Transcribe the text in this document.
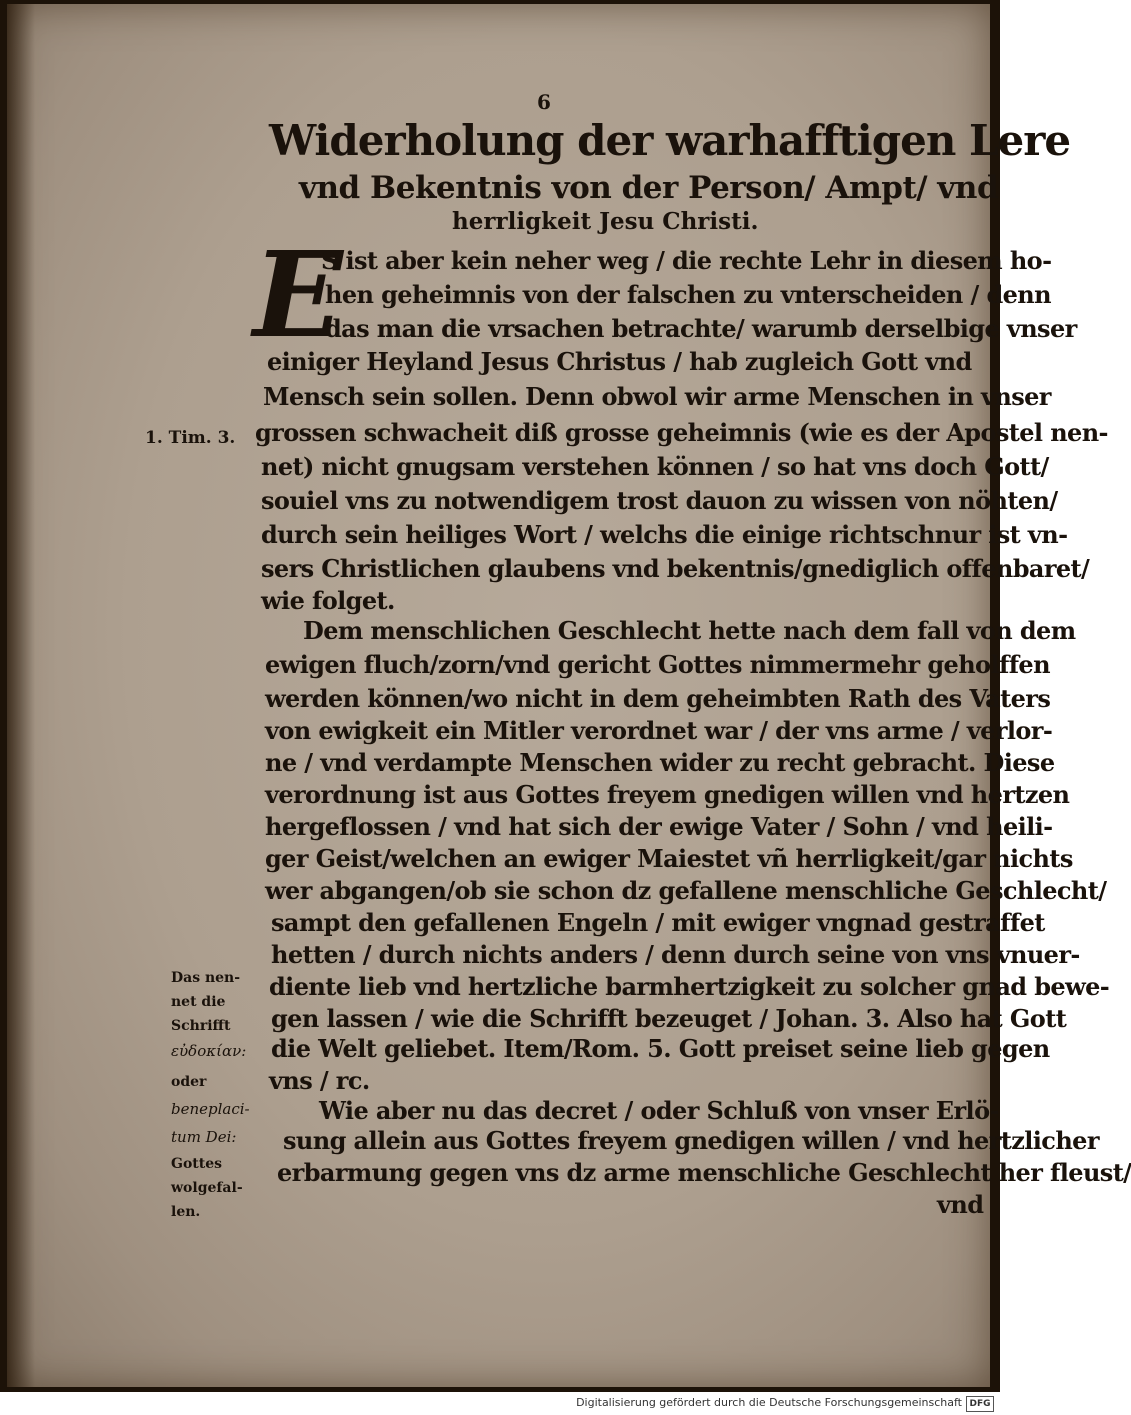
6
Widerholung der warhafftigen Lere
vnd Bekentnis von der Person/ Ampt/ vnd
herrligkeit Jesu Christi.
E
S ist aber kein neher weg / die rechte Lehr in diesem ho-
hen geheimnis von der falschen zu vnterscheiden / denn
das man die vrsachen betrachte/ warumb derselbige vnser
einiger Heyland Jesus Christus / hab zugleich Gott vnd
Mensch sein sollen. Denn obwol wir arme Menschen in vnser
grossen schwacheit diß grosse geheimnis (wie es der Apostel nen-
net) nicht gnugsam verstehen können / so hat vns doch Gott/
souiel vns zu notwendigem trost dauon zu wissen von nöhten/
durch sein heiliges Wort / welchs die einige richtschnur ist vn-
sers Christlichen glaubens vnd bekentnis/gnediglich offenbaret/
wie folget.
Dem menschlichen Geschlecht hette nach dem fall von dem
ewigen fluch/zorn/vnd gericht Gottes nimmermehr geholffen
werden können/wo nicht in dem geheimbten Rath des Vaters
von ewigkeit ein Mitler verordnet war / der vns arme / verlor-
ne / vnd verdampte Menschen wider zu recht gebracht. Diese
verordnung ist aus Gottes freyem gnedigen willen vnd hertzen
hergeflossen / vnd hat sich der ewige Vater / Sohn / vnd heili-
ger Geist/welchen an ewiger Maiestet vñ herrligkeit/gar nichts
wer abgangen/ob sie schon dz gefallene menschliche Geschlecht/
sampt den gefallenen Engeln / mit ewiger vngnad gestraffet
hetten / durch nichts anders / denn durch seine von vns vnuer-
diente lieb vnd hertzliche barmhertzigkeit zu solcher gnad bewe-
gen lassen / wie die Schrifft bezeuget / Johan. 3. Also hat Gott
die Welt geliebet. Item/Rom. 5. Gott preiset seine lieb gegen
vns / rc.
Wie aber nu das decret / oder Schluß von vnser Erlö-
sung allein aus Gottes freyem gnedigen willen / vnd hertzlicher
erbarmung gegen vns dz arme menschliche Geschlecht her fleust/
vnd
1. Tim. 3.
Das nen-
net die
Schrifft
εὐδοκίαν:
oder
beneplaci-
tum Dei:
Gottes
wolgefal-
len.
Digitalisierung gefördert durch die Deutsche Forschungsgemeinschaft DFG
